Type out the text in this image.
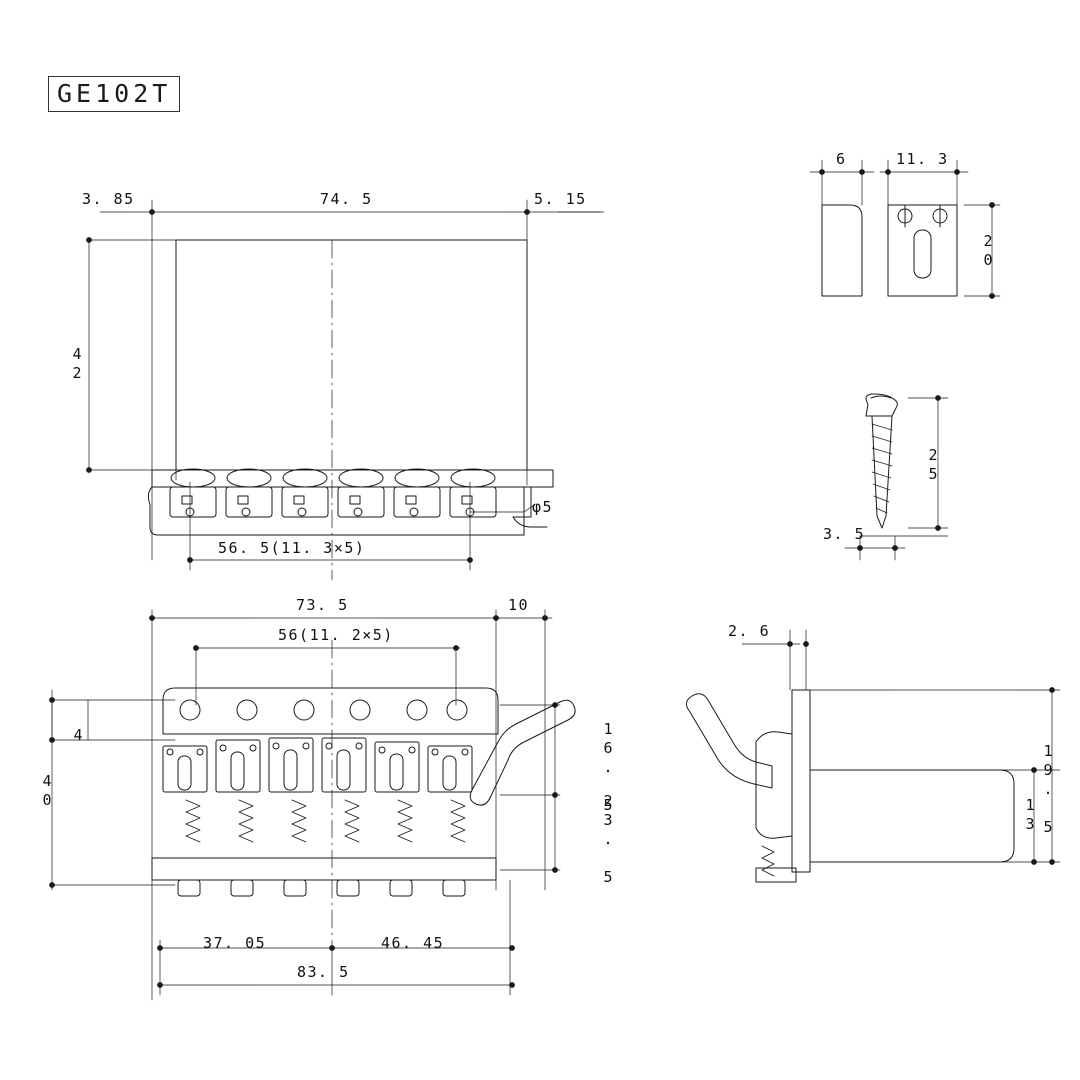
GE102T
3. 85	74. 5	5. 15
42
56. 5(11. 3×5)
φ5
6	11. 3
20
25
3. 5
73. 5	10
56(11. 2×5)
4
40	16. 5
23. 5
37. 05	46. 45
83. 5
2. 6
19. 5
13
